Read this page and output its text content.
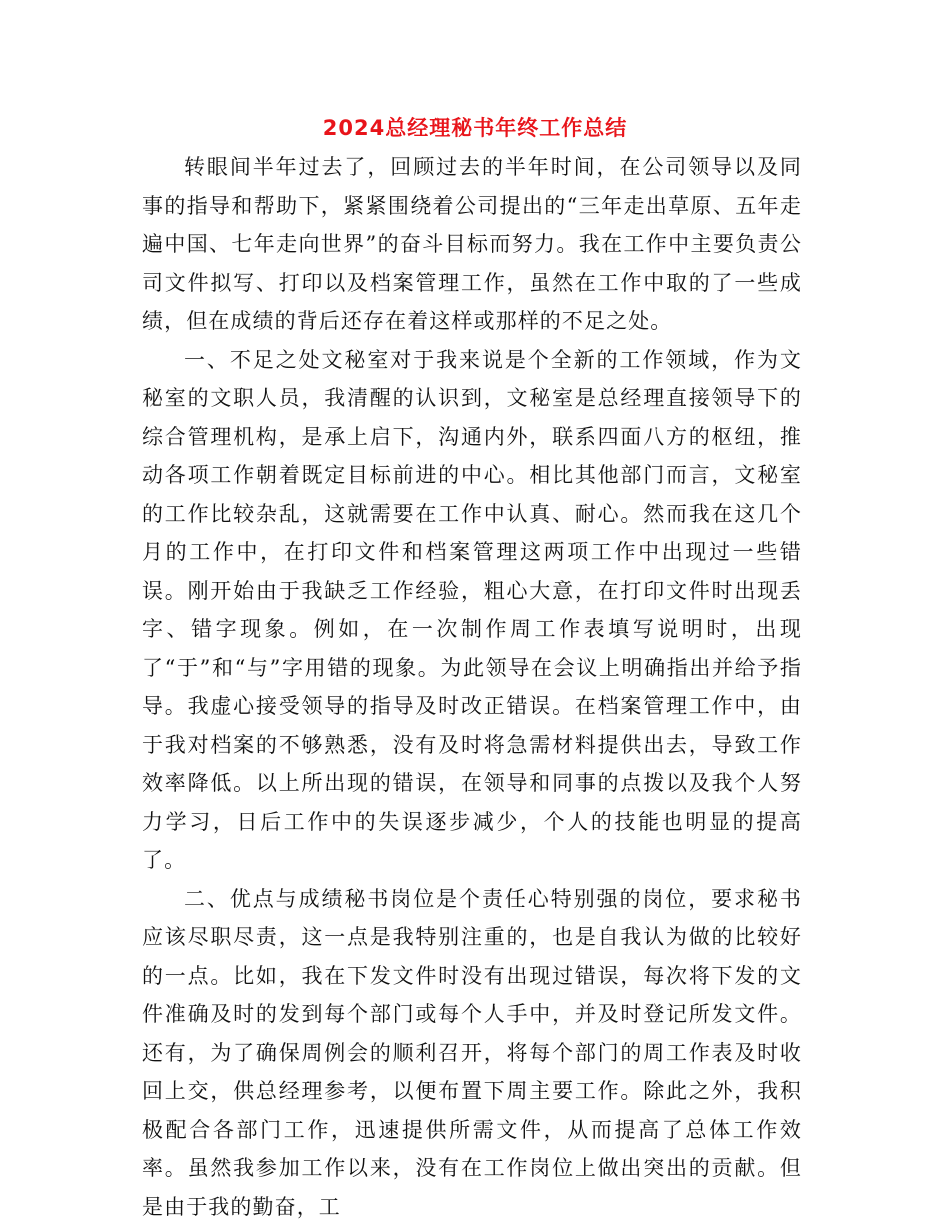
2024总经理秘书年终工作总结

转眼间半年过去了，回顾过去的半年时间，在公司领导以及同事的指导和帮助下，紧紧围绕着公司提出的“三年走出草原、五年走遍中国、七年走向世界”的奋斗目标而努力。我在工作中主要负责公司文件拟写、打印以及档案管理工作，虽然在工作中取的了一些成绩，但在成绩的背后还存在着这样或那样的不足之处。

一、不足之处文秘室对于我来说是个全新的工作领域，作为文秘室的文职人员，我清醒的认识到，文秘室是总经理直接领导下的综合管理机构，是承上启下，沟通内外，联系四面八方的枢纽，推动各项工作朝着既定目标前进的中心。相比其他部门而言，文秘室的工作比较杂乱，这就需要在工作中认真、耐心。然而我在这几个月的工作中，在打印文件和档案管理这两项工作中出现过一些错误。刚开始由于我缺乏工作经验，粗心大意，在打印文件时出现丢字、错字现象。例如，在一次制作周工作表填写说明时，出现了“于”和“与”字用错的现象。为此领导在会议上明确指出并给予指导。我虚心接受领导的指导及时改正错误。在档案管理工作中，由于我对档案的不够熟悉，没有及时将急需材料提供出去，导致工作效率降低。以上所出现的错误，在领导和同事的点拨以及我个人努力学习，日后工作中的失误逐步减少，个人的技能也明显的提高了。

二、优点与成绩秘书岗位是个责任心特别强的岗位，要求秘书应该尽职尽责，这一点是我特别注重的，也是自我认为做的比较好的一点。比如，我在下发文件时没有出现过错误，每次将下发的文件准确及时的发到每个部门或每个人手中，并及时登记所发文件。还有，为了确保周例会的顺利召开，将每个部门的周工作表及时收回上交，供总经理参考，以便布置下周主要工作。除此之外，我积极配合各部门工作，迅速提供所需文件，从而提高了总体工作效率。虽然我参加工作以来，没有在工作岗位上做出突出的贡献。但是由于我的勤奋，工
